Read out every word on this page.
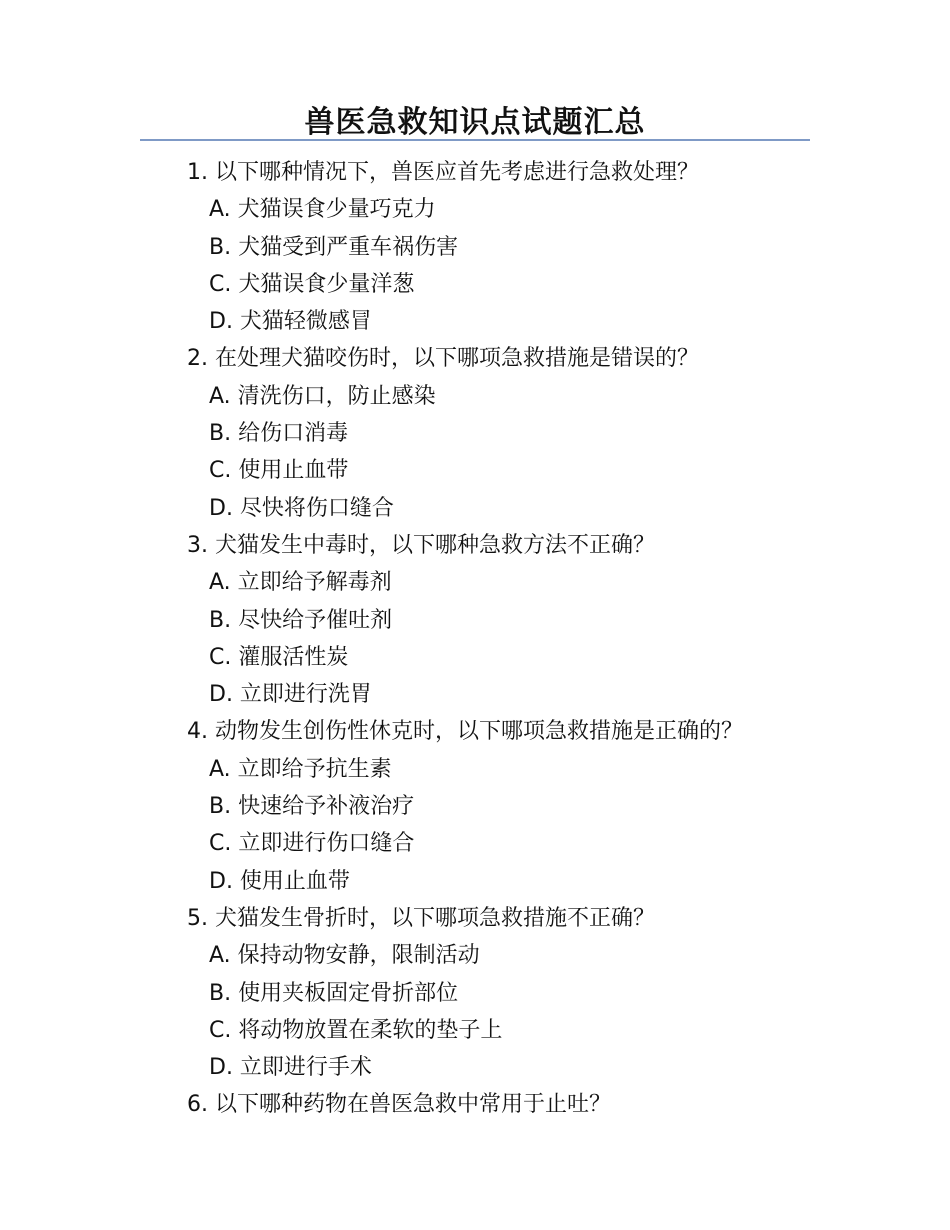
兽医急救知识点试题汇总
1. 以下哪种情况下，兽医应首先考虑进行急救处理？
A. 犬猫误食少量巧克力
B. 犬猫受到严重车祸伤害
C. 犬猫误食少量洋葱
D. 犬猫轻微感冒
2. 在处理犬猫咬伤时，以下哪项急救措施是错误的？
A. 清洗伤口，防止感染
B. 给伤口消毒
C. 使用止血带
D. 尽快将伤口缝合
3. 犬猫发生中毒时，以下哪种急救方法不正确？
A. 立即给予解毒剂
B. 尽快给予催吐剂
C. 灌服活性炭
D. 立即进行洗胃
4. 动物发生创伤性休克时，以下哪项急救措施是正确的？
A. 立即给予抗生素
B. 快速给予补液治疗
C. 立即进行伤口缝合
D. 使用止血带
5. 犬猫发生骨折时，以下哪项急救措施不正确？
A. 保持动物安静，限制活动
B. 使用夹板固定骨折部位
C. 将动物放置在柔软的垫子上
D. 立即进行手术
6. 以下哪种药物在兽医急救中常用于止吐？
